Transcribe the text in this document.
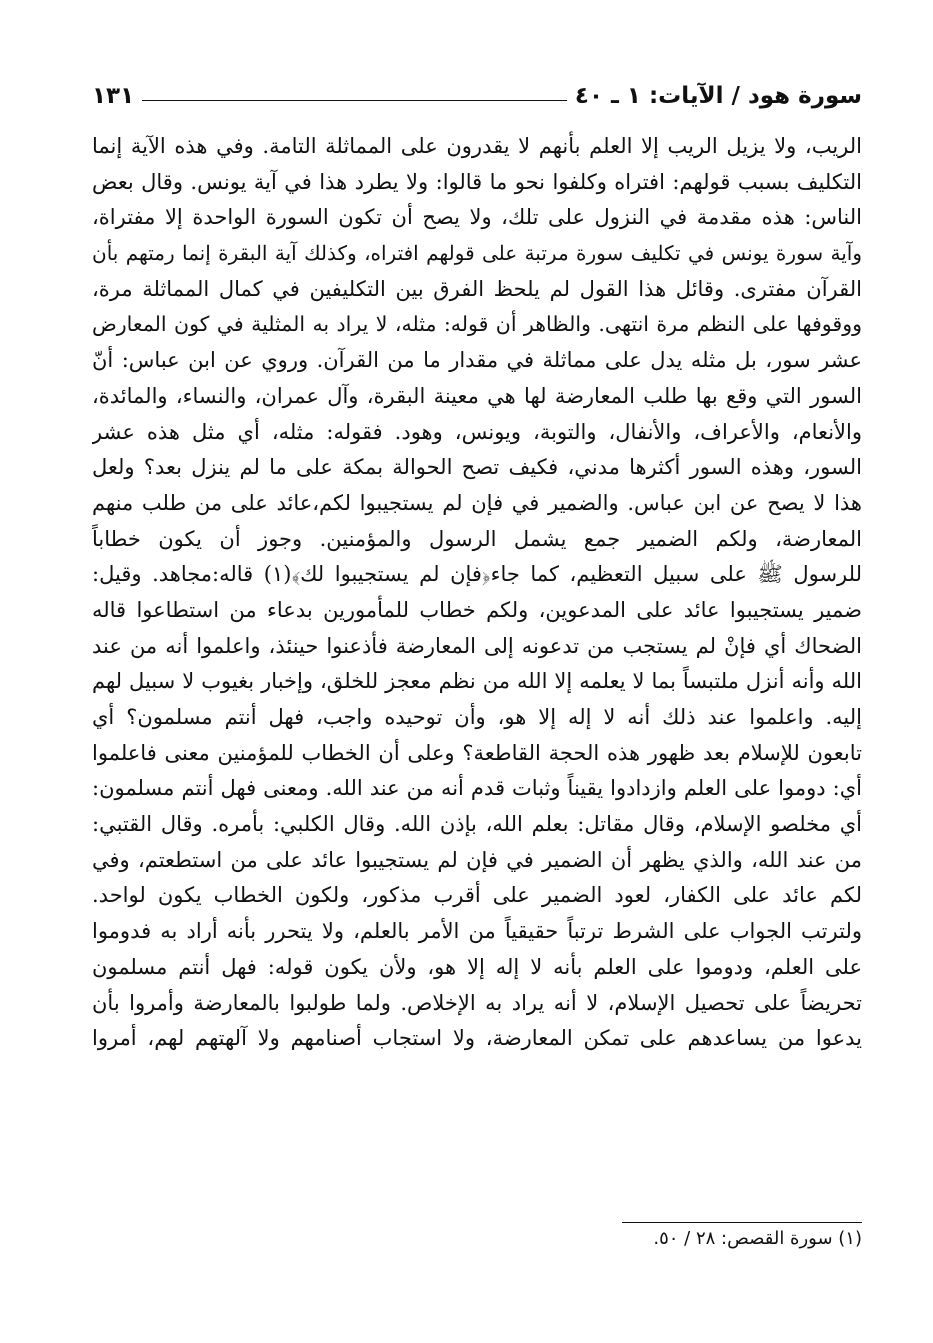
سورة هود / الآيات: ١ ـ ٤٠
١٣١
الريب، ولا يزيل الريب إلا العلم بأنهم لا يقدرون على المماثلة التامة. وفي هذه الآية إنما
التكليف بسبب قولهم: افتراه وكلفوا نحو ما قالوا: ولا يطرد هذا في آية يونس. وقال بعض
الناس: هذه مقدمة في النزول على تلك، ولا يصح أن تكون السورة الواحدة إلا مفتراة،
وآية سورة يونس في تكليف سورة مرتبة على قولهم افتراه، وكذلك آية البقرة إنما رمتهم بأن
القرآن مفترى. وقائل هذا القول لم يلحظ الفرق بين التكليفين في كمال المماثلة مرة،
ووقوفها على النظم مرة انتهى. والظاهر أن قوله: مثله، لا يراد به المثلية في كون المعارض
عشر سور، بل مثله يدل على مماثلة في مقدار ما من القرآن. وروي عن ابن عباس: أنّ
السور التي وقع بها طلب المعارضة لها هي معينة البقرة، وآل عمران، والنساء، والمائدة،
والأنعام، والأعراف، والأنفال، والتوبة، ويونس، وهود. فقوله: مثله، أي مثل هذه عشر
السور، وهذه السور أكثرها مدني، فكيف تصح الحوالة بمكة على ما لم ينزل بعد؟ ولعل
هذا لا يصح عن ابن عباس. والضمير في فإن لم يستجيبوا لكم،عائد على من طلب منهم
المعارضة، ولكم الضمير جمع يشمل الرسول والمؤمنين. وجوز أن يكون خطاباً
للرسول ﷺ على سبيل التعظيم، كما جاء﴿فإن لم يستجيبوا لك﴾(١) قاله:مجاهد. وقيل:
ضمير يستجيبوا عائد على المدعوين، ولكم خطاب للمأمورين بدعاء من استطاعوا قاله
الضحاك أي فإنْ لم يستجب من تدعونه إلى المعارضة فأذعنوا حينئذ، واعلموا أنه من عند
الله وأنه أنزل ملتبساً بما لا يعلمه إلا الله من نظم معجز للخلق، وإخبار بغيوب لا سبيل لهم
إليه. واعلموا عند ذلك أنه لا إله إلا هو، وأن توحيده واجب، فهل أنتم مسلمون؟ أي
تابعون للإسلام بعد ظهور هذه الحجة القاطعة؟ وعلى أن الخطاب للمؤمنين معنى فاعلموا
أي: دوموا على العلم وازدادوا يقيناً وثبات قدم أنه من عند الله. ومعنى فهل أنتم مسلمون:
أي مخلصو الإسلام، وقال مقاتل: بعلم الله، بإذن الله. وقال الكلبي: بأمره. وقال القتبي:
من عند الله، والذي يظهر أن الضمير في فإن لم يستجيبوا عائد على من استطعتم، وفي
لكم عائد على الكفار، لعود الضمير على أقرب مذكور، ولكون الخطاب يكون لواحد.
ولترتب الجواب على الشرط ترتباً حقيقياً من الأمر بالعلم، ولا يتحرر بأنه أراد به فدوموا
على العلم، ودوموا على العلم بأنه لا إله إلا هو، ولأن يكون قوله: فهل أنتم مسلمون
تحريضاً على تحصيل الإسلام، لا أنه يراد به الإخلاص. ولما طولبوا بالمعارضة وأمروا بأن
يدعوا من يساعدهم على تمكن المعارضة، ولا استجاب أصنامهم ولا آلهتهم لهم، أمروا
(١) سورة القصص: ٢٨ / ٥٠.
